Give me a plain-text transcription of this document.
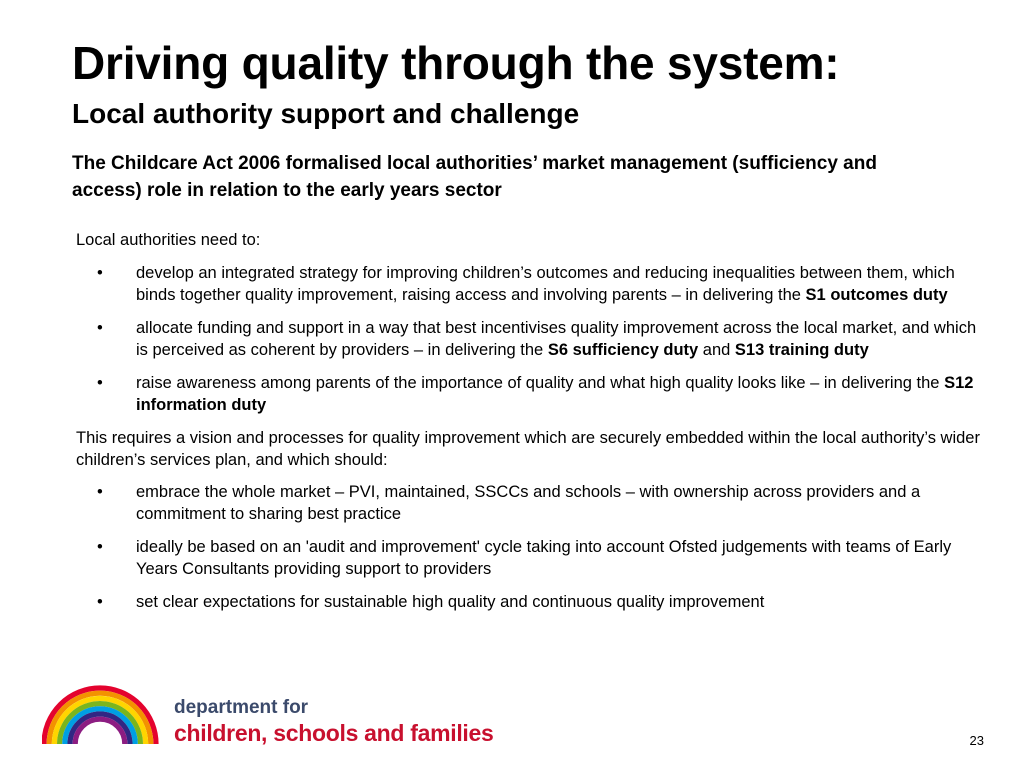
Driving quality through the system:
Local authority support and challenge

The Childcare Act 2006 formalised local authorities’ market management (sufficiency and access) role in relation to the early years sector

Local authorities need to:

• develop an integrated strategy for improving children’s outcomes and reducing inequalities between them, which binds together quality improvement, raising access and involving parents – in delivering the S1 outcomes duty
• allocate funding and support in a way that best incentivises quality improvement across the local market, and which is perceived as coherent by providers – in delivering the S6 sufficiency duty and S13 training duty
• raise awareness among parents of the importance of quality and what high quality looks like – in delivering the S12 information duty

This requires a vision and processes for quality improvement which are securely embedded within the local authority’s wider children’s services plan, and which should:

• embrace the whole market – PVI, maintained, SSCCs and schools – with ownership across providers and a commitment to sharing best practice
• ideally be based on an 'audit and improvement' cycle taking into account Ofsted judgements with teams of Early Years Consultants providing support to providers
• set clear expectations for sustainable high quality and continuous quality improvement

department for

children, schools and families	23
